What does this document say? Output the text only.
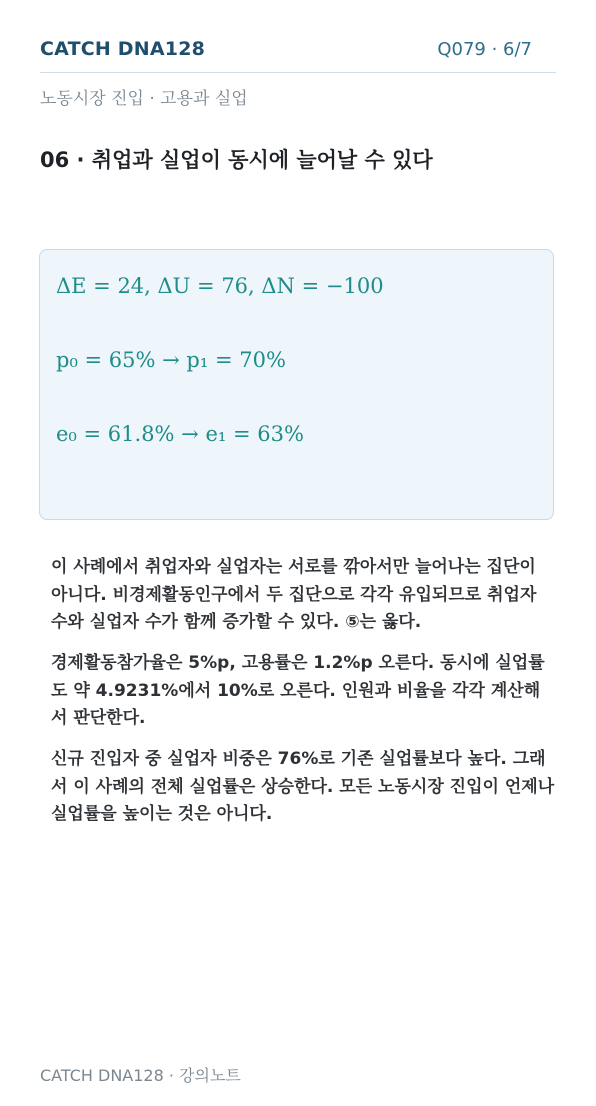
CATCH DNA128	Q079 · 6/7
노동시장 진입 · 고용과 실업
06 · 취업과 실업이 동시에 늘어날 수 있다
ΔE = 24, ΔU = 76, ΔN = −100
p₀ = 65% → p₁ = 70%
e₀ = 61.8% → e₁ = 63%

이 사례에서 취업자와 실업자는 서로를 깎아서만 늘어나는 집단이 아니다. 비경제활동인구에서 두 집단으로 각각 유입되므로 취업자 수와 실업자 수가 함께 증가할 수 있다. ⑤는 옳다.

경제활동참가율은 5%p, 고용률은 1.2%p 오른다. 동시에 실업률도 약 4.9231%에서 10%로 오른다. 인원과 비율을 각각 계산해서 판단한다.

신규 진입자 중 실업자 비중은 76%로 기존 실업률보다 높다. 그래서 이 사례의 전체 실업률은 상승한다. 모든 노동시장 진입이 언제나 실업률을 높이는 것은 아니다.

CATCH DNA128 · 강의노트
